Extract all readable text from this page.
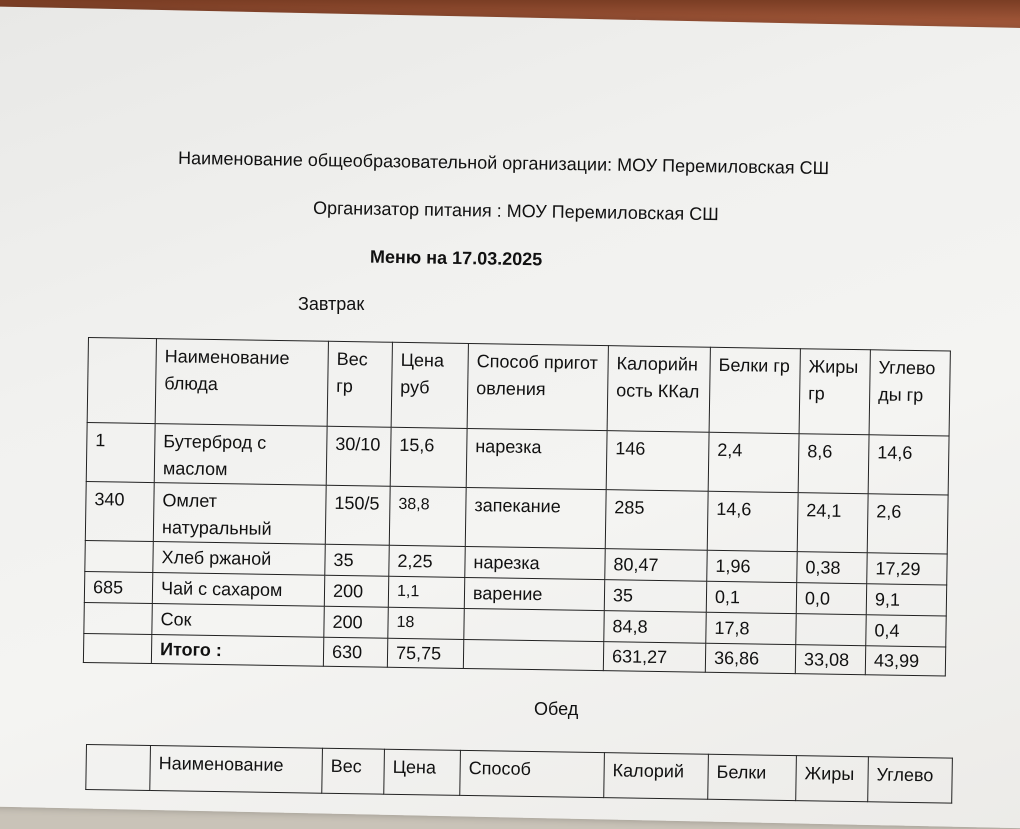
Наименование общеобразовательной организации: МОУ Перемиловская СШ
Организатор питания : МОУ Перемиловская СШ
Меню на 17.03.2025
Завтрак
	Наименование блюда	Вес гр	Цена руб	Способ приготовления	Калорийность ККал	Белки гр	Жиры гр	Углеводы гр
1	Бутерброд с маслом	30/10	15,6	нарезка	146	2,4	8,6	14,6
340	Омлет натуральный	150/5	38,8	запекание	285	14,6	24,1	2,6
	Хлеб ржаной	35	2,25	нарезка	80,47	1,96	0,38	17,29
685	Чай с сахаром	200	1,1	варение	35	0,1	0,0	9,1
	Сок	200	18		84,8	17,8		0,4
	Итого :	630	75,75		631,27	36,86	33,08	43,99
Обед
	Наименование	Вес	Цена	Способ	Калорий	Белки	Жиры	Углево
